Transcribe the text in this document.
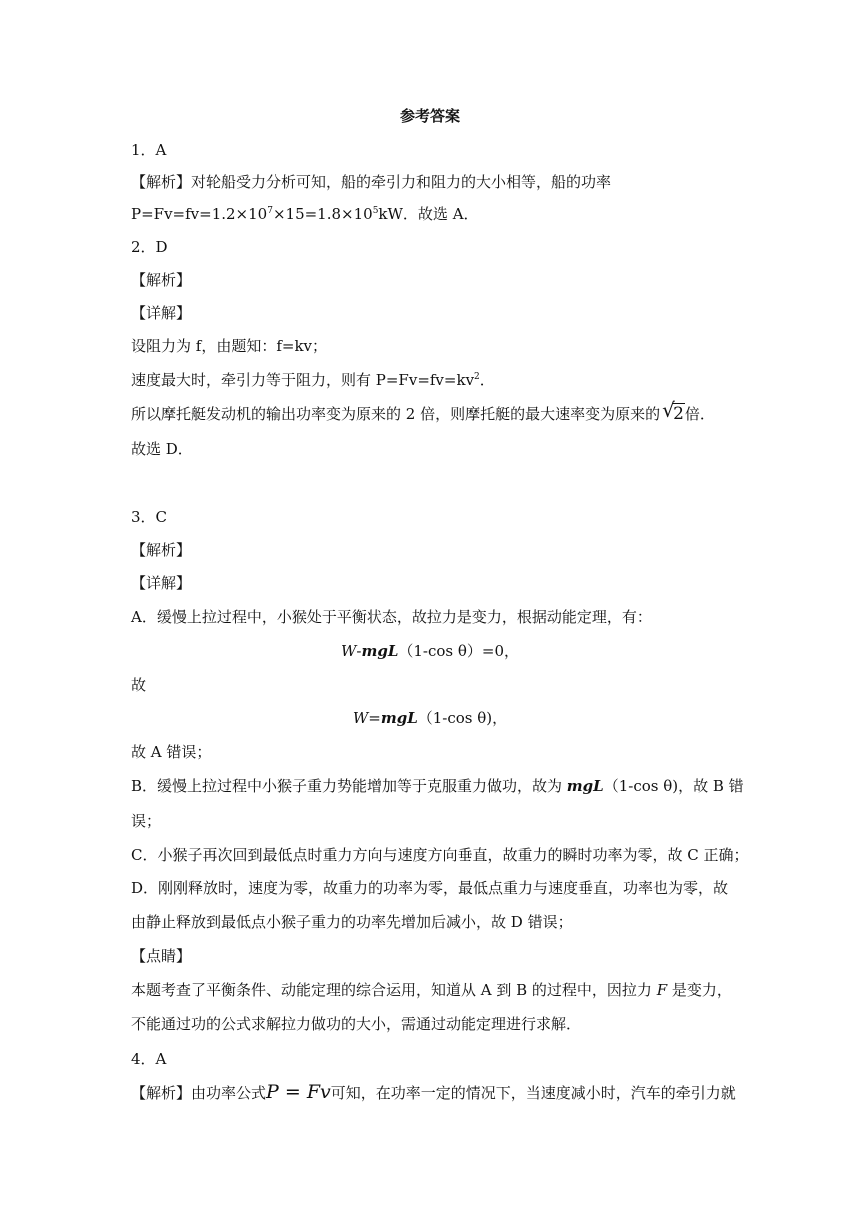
参考答案
1．A
【解析】对轮船受力分析可知，船的牵引力和阻力的大小相等，船的功率
$P=Fv=fv=1.2\times 10^7\times 15=1.8\times 10^5kW$．故选 A．
2．D
【解析】
【详解】
设阻力为 f，由题知：f=kv；
速度最大时，牵引力等于阻力，则有 $P=Fv=fv=kv^2$．
所以摩托艇发动机的输出功率变为原来的 2 倍，则摩托艇的最大速率变为原来的 √
2倍．
故选 D．
3．C
【解析】
【详解】
A．缓慢上拉过程中，小猴处于平衡状态，故拉力是变力，根据动能定理，有：
W-mgL（1-cos θ）=0，
故
W=mgL（1-cos θ)，
故 A 错误；
B．缓慢上拉过程中小猴子重力势能增加等于克服重力做功，故为 mgL（1-cos θ)，故 B 错
误；
C．小猴子再次回到最低点时重力方向与速度方向垂直，故重力的瞬时功率为零，故 C 正确；
D．刚刚释放时，速度为零，故重力的功率为零，最低点重力与速度垂直，功率也为零，故
由静止释放到最低点小猴子重力的功率先增加后减小，故 D 错误；
【点睛】
本题考查了平衡条件、动能定理的综合运用，知道从 A 到 B 的过程中，因拉力 F 是变力，
不能通过功的公式求解拉力做功的大小，需通过动能定理进行求解．
4．A
【解析】由功率公式P = Fv可知，在功率一定的情况下，当速度减小时，汽车的牵引力就
